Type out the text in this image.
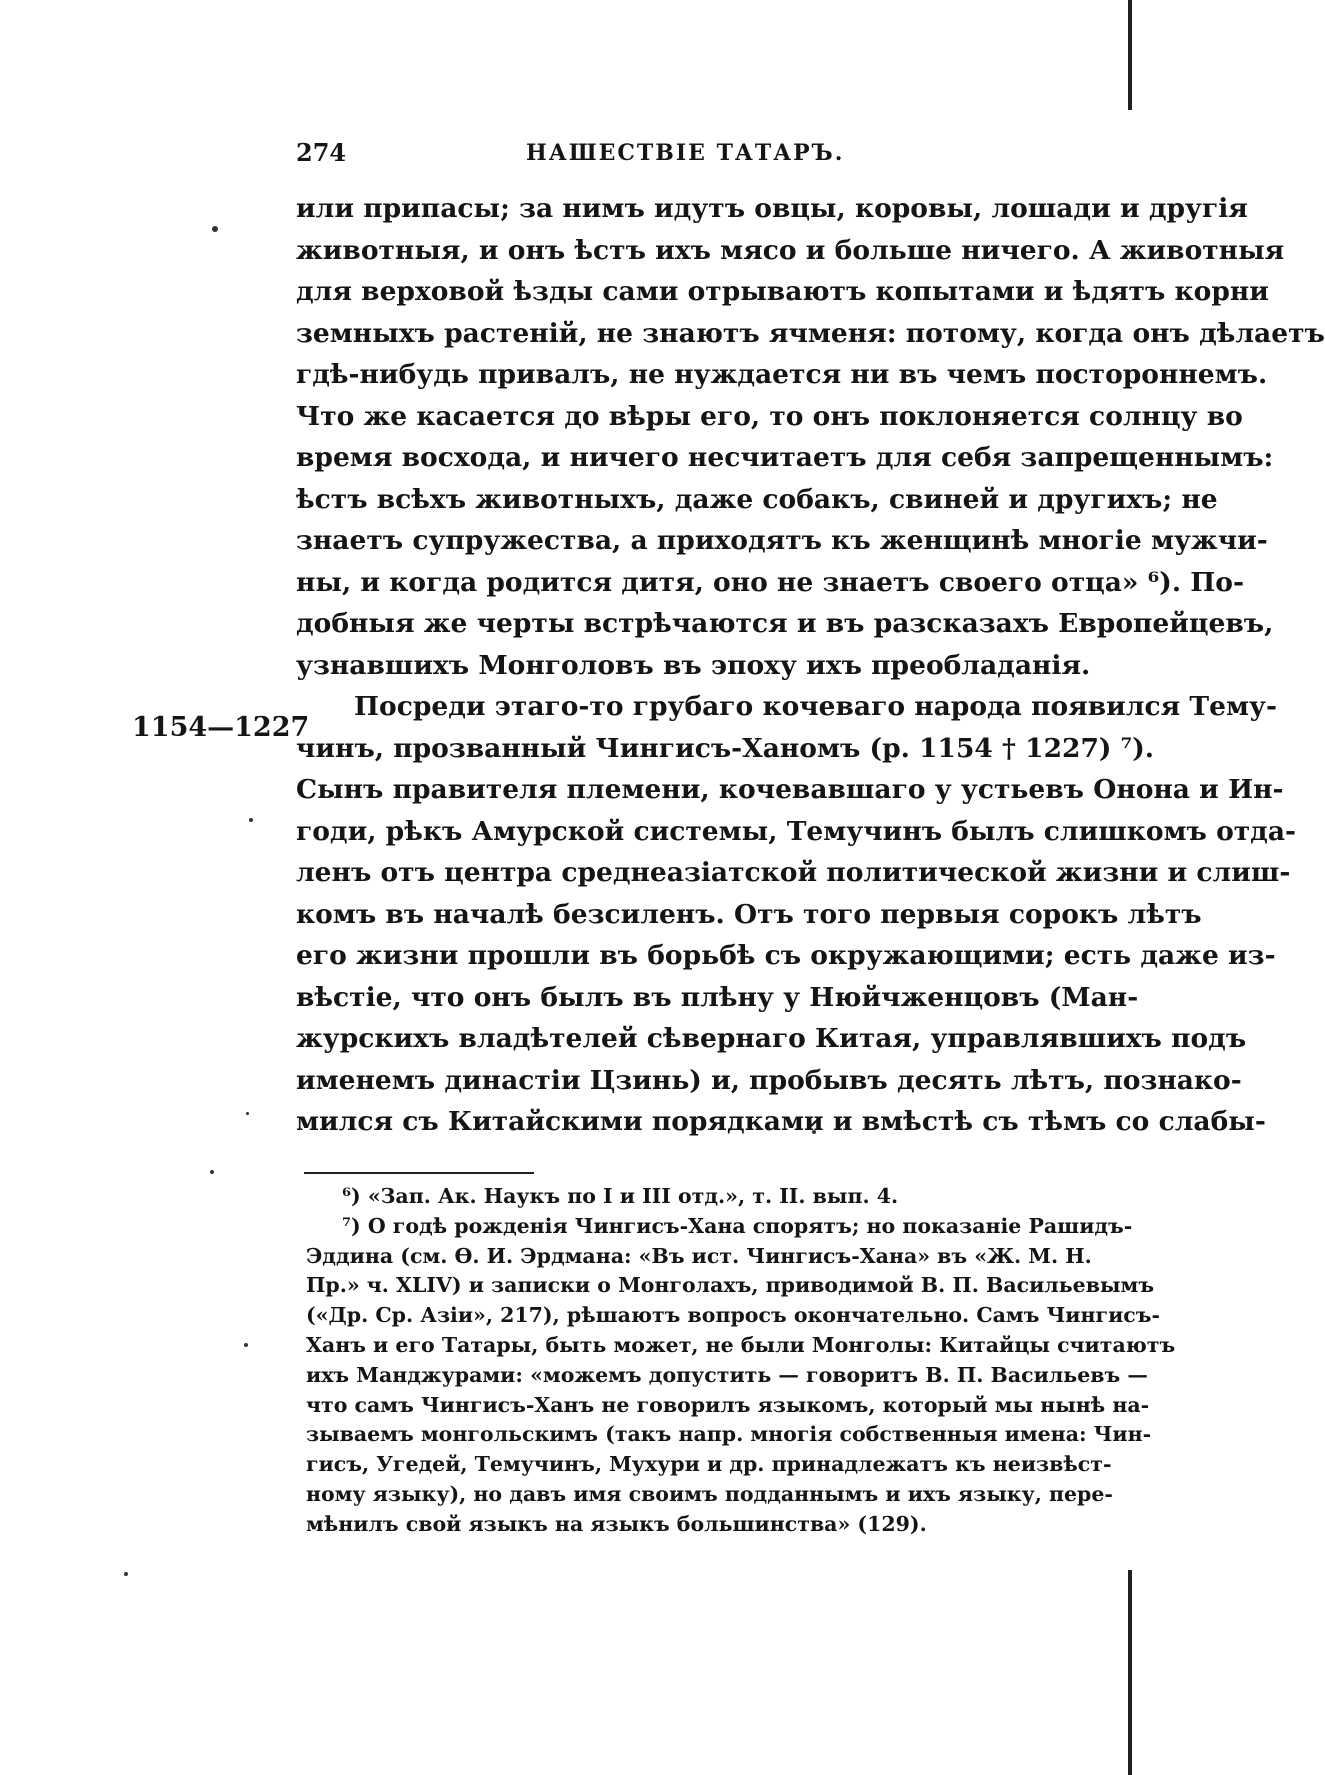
274	НАШЕСТВІЕ ТАТАРЪ.
1154—1227
или припасы; за нимъ идутъ овцы, коровы, лошади и другія
животныя, и онъ ѣстъ ихъ мясо и больше ничего. А животныя
для верховой ѣзды сами отрываютъ копытами и ѣдятъ корни
земныхъ растеній, не знаютъ ячменя: потому, когда онъ дѣлаетъ
гдѣ-нибудь привалъ, не нуждается ни въ чемъ постороннемъ.
Что же касается до вѣры его, то онъ поклоняется солнцу во
время восхода, и ничего несчитаетъ для себя запрещеннымъ:
ѣстъ всѣхъ животныхъ, даже собакъ, свиней и другихъ; не
знаетъ супружества, а приходятъ къ женщинѣ многіе мужчи-
ны, и когда родится дитя, оно не знаетъ своего отца» ⁶). По-
добныя же черты встрѣчаются и въ разсказахъ Европейцевъ,
узнавшихъ Монголовъ въ эпоху ихъ преобладанія.
Посреди этаго-то грубаго кочеваго народа появился Тему-
чинъ, прозванный Чингисъ-Ханомъ (р. 1154 † 1227) ⁷).
Сынъ правителя племени, кочевавшаго у устьевъ Онона и Ин-
годи, рѣкъ Амурской системы, Темучинъ былъ слишкомъ отда-
ленъ отъ центра среднеазіатской политической жизни и слиш-
комъ въ началѣ безсиленъ. Отъ того первыя сорокъ лѣтъ
его жизни прошли въ борьбѣ съ окружающими; есть даже из-
вѣстіе, что онъ былъ въ плѣну у Нюйчженцовъ (Ман-
журскихъ владѣтелей сѣвернаго Китая, управлявшихъ подъ
именемъ династіи Цзинь) и, пробывъ десять лѣтъ, познако-
мился съ Китайскими порядками и вмѣстѣ съ тѣмъ со слабы-
⁶) «Зап. Ак. Наукъ по I и III отд.», т. II. вып. 4.
⁷) О годѣ рожденія Чингисъ-Хана спорятъ; но показаніе Рашидъ-
Эддина (см. Ѳ. И. Эрдмана: «Въ ист. Чингисъ-Хана» въ «Ж. М. Н.
Пр.» ч. XLIV) и записки о Монголахъ, приводимой В. П. Васильевымъ
(«Др. Ср. Азіи», 217), рѣшаютъ вопросъ окончательно. Самъ Чингисъ-
Ханъ и его Татары, быть может, не были Монголы: Китайцы считаютъ
ихъ Манджурами: «можемъ допустить — говоритъ В. П. Васильевъ —
что самъ Чингисъ-Ханъ не говорилъ языкомъ, который мы нынѣ на-
зываемъ монгольскимъ (такъ напр. многія собственныя имена: Чин-
гисъ, Угедей, Темучинъ, Мухури и др. принадлежатъ къ неизвѣст-
ному языку), но давъ имя своимъ подданнымъ и ихъ языку, пере-
мѣнилъ свой языкъ на языкъ большинства» (129).
